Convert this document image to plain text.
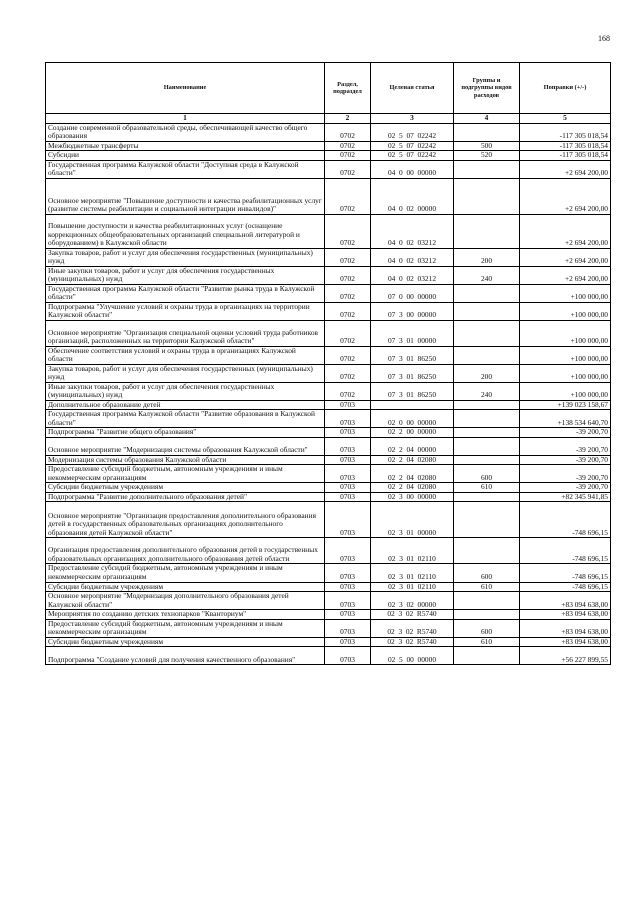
168
Наименование	Раздел, подраздел	Целевая статья	Группы и подгруппы видов расходов	Поправки (+/-)
1	2	3	4	5
Создание современной образовательной среды, обеспечивающей качество общего образования	0702	02  5  07  02242		-117 305 018,54
Межбюджетные трансферты	0702	02  5  07  02242	500	-117 305 018,54
Субсидии	0702	02  5  07  02242	520	-117 305 018,54
Государственная программа Калужской области "Доступная среда в Калужской области"	0702	04  0  00  00000		+2 694 200,00
Основное мероприятие "Повышение доступности и качества реабилитационных услуг (развитие системы реабилитации и социальной интеграции инвалидов)"	0702	04  0  02  00000		+2 694 200,00
Повышение доступности и качества реабилитационных услуг (оснащение коррекционных общеобразовательных организаций специальной литературой и оборудованием) в Калужской области	0702	04  0  02  03212		+2 694 200,00
Закупка товаров, работ и услуг для обеспечения государственных (муниципальных) нужд	0702	04  0  02  03212	200	+2 694 200,00
Иные закупки товаров, работ и услуг для обеспечения государственных (муниципальных) нужд	0702	04  0  02  03212	240	+2 694 200,00
Государственная программа Калужской области "Развитие рынка труда в Калужской области"	0702	07  0  00  00000		+100 000,00
Подпрограмма "Улучшение условий и охраны труда в организациях на территории Калужской области"	0702	07  3  00  00000		+100 000,00
Основное мероприятие "Организация специальной оценки условий труда работников организаций, расположенных на территории Калужской области"	0702	07  3  01  00000		+100 000,00
Обеспечение соответствия условий и охраны труда в организациях Калужской области	0702	07  3  01  86250		+100 000,00
Закупка товаров, работ и услуг для обеспечения государственных (муниципальных) нужд	0702	07  3  01  86250	200	+100 000,00
Иные закупки товаров, работ и услуг для обеспечения государственных (муниципальных) нужд	0702	07  3  01  86250	240	+100 000,00
Дополнительное образование детей	0703			+139 023 158,67
Государственная программа Калужской области "Развитие образования в Калужской области"	0703	02  0  00  00000		+138 534 640,70
Подпрограмма "Развитие общего образования"	0703	02  2  00  00000		-39 200,70
Основное мероприятие "Модернизация системы образования Калужской области"	0703	02  2  04  00000		-39 200,70
Модернизация системы образования Калужской области	0703	02  2  04  02080		-39 200,70
Предоставление субсидий бюджетным, автономным учреждениям и иным некоммерческим организациям	0703	02  2  04  02080	600	-39 200,70
Субсидии бюджетным учреждениям	0703	02  2  04  02080	610	-39 200,70
Подпрограмма "Развитие дополнительного образования детей"	0703	02  3  00  00000		+82 345 941,85
Основное мероприятие "Организация предоставления дополнительного образования детей в государственных образовательных организациях дополнительного образования детей Калужской области"	0703	02  3  01  00000		-748 696,15
Организация предоставления дополнительного образования детей в государственных образовательных организациях дополнительного образования детей области	0703	02  3  01  02110		-748 696,15
Предоставление субсидий бюджетным, автономным учреждениям и иным некоммерческим организациям	0703	02  3  01  02110	600	-748 696,15
Субсидии бюджетным учреждениям	0703	02  3  01  02110	610	-748 696,15
Основное мероприятие "Модернизация дополнительного образования детей Калужской области"	0703	02  3  02  00000		+83 094 638,00
Мероприятия по созданию детских технопарков "Кванториум"	0703	02  3  02  R5740		+83 094 638,00
Предоставление субсидий бюджетным, автономным учреждениям и иным некоммерческим организациям	0703	02  3  02  R5740	600	+83 094 638,00
Субсидии бюджетным учреждениям	0703	02  3  02  R5740	610	+83 094 638,00
Подпрограмма "Создание условий для получения качественного образования"	0703	02  5  00  00000		+56 227 899,55
